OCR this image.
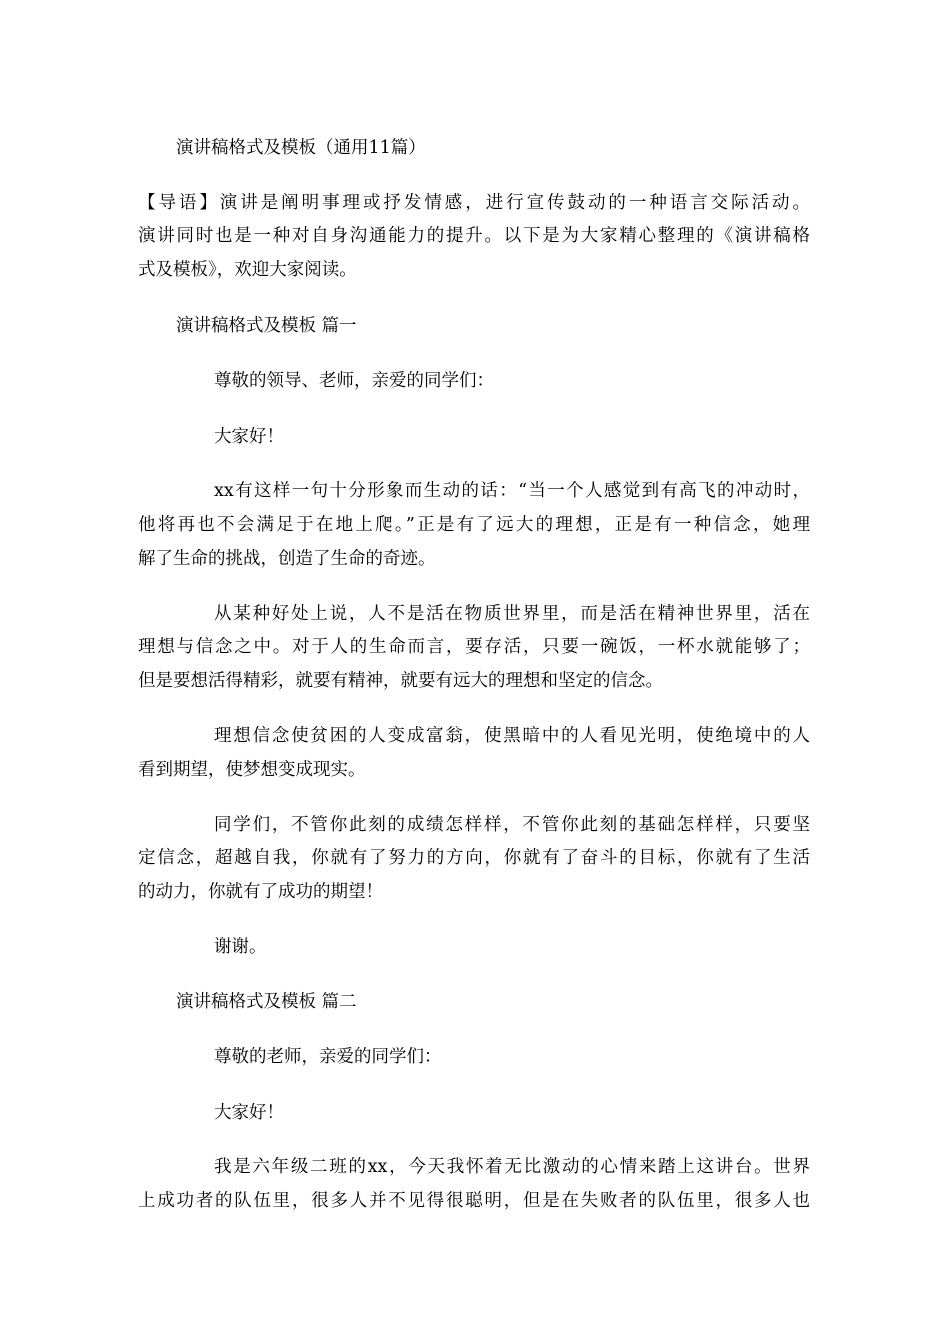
演讲稿格式及模板（通用11篇）
【导语】演讲是阐明事理或抒发情感，进行宣传鼓动的一种语言交际活动。
演讲同时也是一种对自身沟通能力的提升。以下是为大家精心整理的《演讲稿格
式及模板》，欢迎大家阅读。
演讲稿格式及模板 篇一
尊敬的领导、老师，亲爱的同学们：
大家好！
xx有这样一句十分形象而生动的话：“当一个人感觉到有高飞的冲动时，
他将再也不会满足于在地上爬。”正是有了远大的理想，正是有一种信念，她理
解了生命的挑战，创造了生命的奇迹。
从某种好处上说，人不是活在物质世界里，而是活在精神世界里，活在
理想与信念之中。对于人的生命而言，要存活，只要一碗饭，一杯水就能够了；
但是要想活得精彩，就要有精神，就要有远大的理想和坚定的信念。
理想信念使贫困的人变成富翁，使黑暗中的人看见光明，使绝境中的人
看到期望，使梦想变成现实。
同学们，不管你此刻的成绩怎样样，不管你此刻的基础怎样样，只要坚
定信念，超越自我，你就有了努力的方向，你就有了奋斗的目标，你就有了生活
的动力，你就有了成功的期望！
谢谢。
演讲稿格式及模板 篇二
尊敬的老师，亲爱的同学们：
大家好！
我是六年级二班的xx，今天我怀着无比激动的心情来踏上这讲台。世界
上成功者的队伍里，很多人并不见得很聪明，但是在失败者的队伍里，很多人也
